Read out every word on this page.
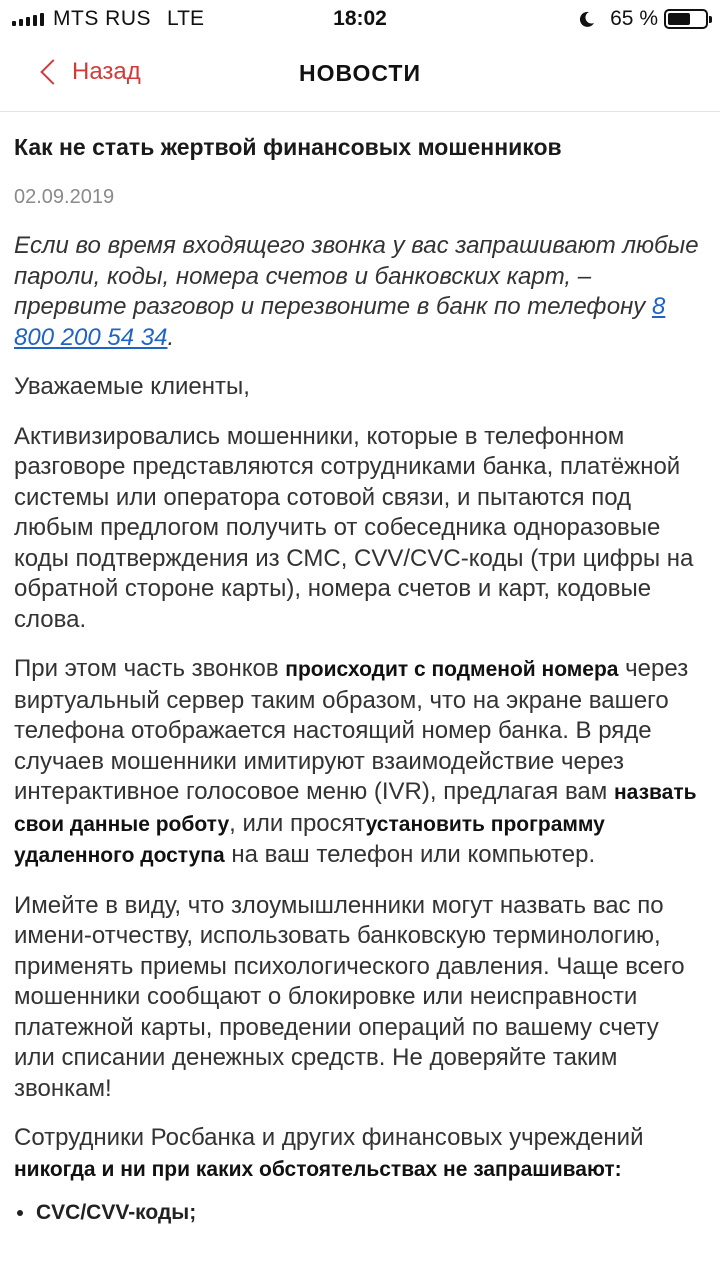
MTS RUS LTE	18:02	65 %
Назад	НОВОСТИ
Как не стать жертвой финансовых мошенников
02.09.2019
Если во время входящего звонка у вас запрашивают любые пароли, коды, номера счетов и банковских карт, – прервите разговор и перезвоните в банк по телефону 8 800 200 54 34.

Уважаемые клиенты,

Активизировались мошенники, которые в телефонном разговоре представляются сотрудниками банка, платёжной системы или оператора сотовой связи, и пытаются под любым предлогом получить от собеседника одноразовые коды подтверждения из СМС, CVV/CVC-коды (три цифры на обратной стороне карты), номера счетов и карт, кодовые слова.

При этом часть звонков происходит с подменой номера через виртуальный сервер таким образом, что на экране вашего телефона отображается настоящий номер банка. В ряде случаев мошенники имитируют взаимодействие через интерактивное голосовое меню (IVR), предлагая вам назвать свои данные роботу, или просятустановить программу удаленного доступа на ваш телефон или компьютер.

Имейте в виду, что злоумышленники могут назвать вас по имени-отчеству, использовать банковскую терминологию, применять приемы психологического давления. Чаще всего мошенники сообщают о блокировке или неисправности платежной карты, проведении операций по вашему счету или списании денежных средств. Не доверяйте таким звонкам!

Сотрудники Росбанка и других финансовых учреждений никогда и ни при каких обстоятельствах не запрашивают:

• CVC/CVV-коды;
